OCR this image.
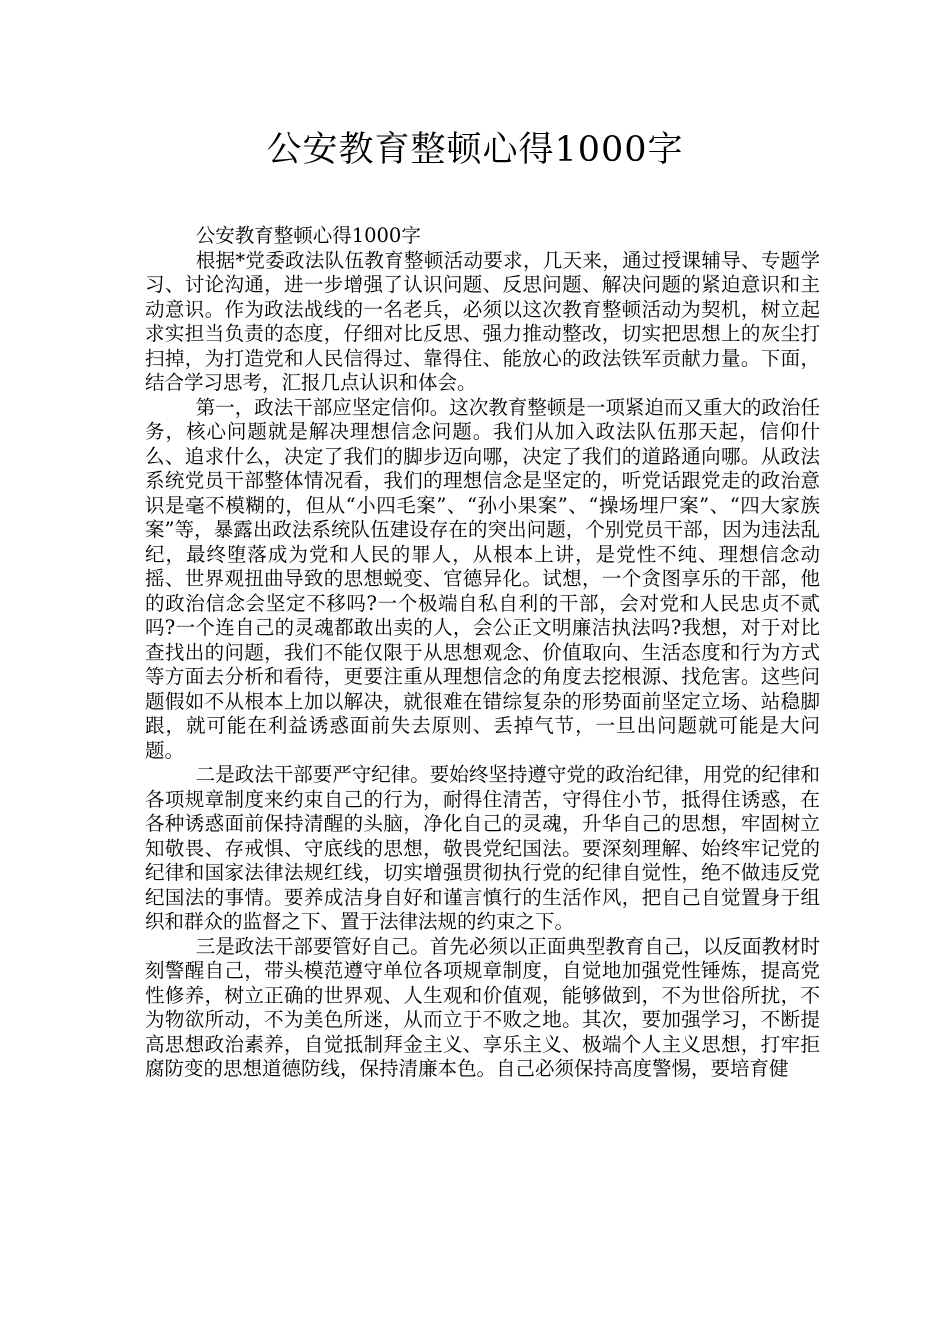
公安教育整顿心得1000字

公安教育整顿心得1000字

根据*党委政法队伍教育整顿活动要求，几天来，通过授课辅导、专题学习、讨论沟通，进一步增强了认识问题、反思问题、解决问题的紧迫意识和主动意识。作为政法战线的一名老兵，必须以这次教育整顿活动为契机，树立起求实担当负责的态度，仔细对比反思、强力推动整改，切实把思想上的灰尘打扫掉，为打造党和人民信得过、靠得住、能放心的政法铁军贡献力量。下面，结合学习思考，汇报几点认识和体会。

第一，政法干部应坚定信仰。这次教育整顿是一项紧迫而又重大的政治任务，核心问题就是解决理想信念问题。我们从加入政法队伍那天起，信仰什么、追求什么，决定了我们的脚步迈向哪，决定了我们的道路通向哪。从政法系统党员干部整体情况看，我们的理想信念是坚定的，听党话跟党走的政治意识是毫不模糊的，但从“小四毛案”、“孙小果案”、“操场埋尸案”、“四大家族案”等，暴露出政法系统队伍建设存在的突出问题，个别党员干部，因为违法乱纪，最终堕落成为党和人民的罪人，从根本上讲，是党性不纯、理想信念动摇、世界观扭曲导致的思想蜕变、官德异化。试想，一个贪图享乐的干部，他的政治信念会坚定不移吗?一个极端自私自利的干部，会对党和人民忠贞不贰吗?一个连自己的灵魂都敢出卖的人，会公正文明廉洁执法吗?我想，对于对比查找出的问题，我们不能仅限于从思想观念、价值取向、生活态度和行为方式等方面去分析和看待，更要注重从理想信念的角度去挖根源、找危害。这些问题假如不从根本上加以解决，就很难在错综复杂的形势面前坚定立场、站稳脚跟，就可能在利益诱惑面前失去原则、丢掉气节，一旦出问题就可能是大问题。

二是政法干部要严守纪律。要始终坚持遵守党的政治纪律，用党的纪律和各项规章制度来约束自己的行为，耐得住清苦，守得住小节，抵得住诱惑，在各种诱惑面前保持清醒的头脑，净化自己的灵魂，升华自己的思想，牢固树立知敬畏、存戒惧、守底线的思想，敬畏党纪国法。要深刻理解、始终牢记党的纪律和国家法律法规红线，切实增强贯彻执行党的纪律自觉性，绝不做违反党纪国法的事情。要养成洁身自好和谨言慎行的生活作风，把自己自觉置身于组织和群众的监督之下、置于法律法规的约束之下。

三是政法干部要管好自己。首先必须以正面典型教育自己，以反面教材时刻警醒自己，带头模范遵守单位各项规章制度，自觉地加强党性锤炼，提高党性修养，树立正确的世界观、人生观和价值观，能够做到，不为世俗所扰，不为物欲所动，不为美色所迷，从而立于不败之地。其次，要加强学习，不断提高思想政治素养，自觉抵制拜金主义、享乐主义、极端个人主义思想，打牢拒腐防变的思想道德防线，保持清廉本色。自己必须保持高度警惕，要培育健
